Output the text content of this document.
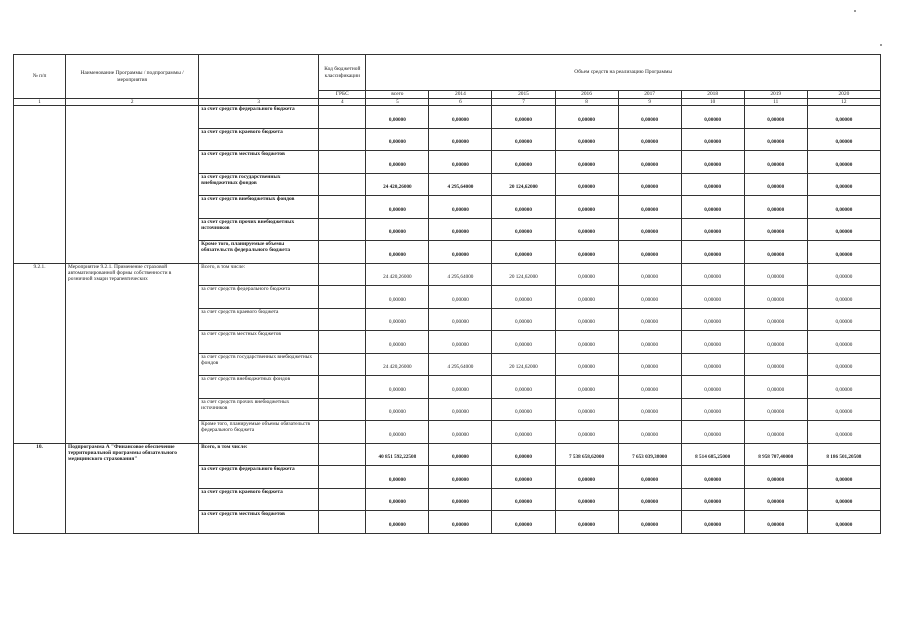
№ п/п	Наименование Программы / подпрограммы / мероприятия		Код бюджетной классификации	Объем средств на реализацию Программы							
			ГРБС	всего	2014	2015	2016	2017	2018	2019	2020
1	2	3	4	5	6	7	8	9	10	11	12
		за счет средств федерального бюджета		0,00000	0,00000	0,00000	0,00000	0,00000	0,00000	0,00000	0,00000
		за счет средств краевого бюджета		0,00000	0,00000	0,00000	0,00000	0,00000	0,00000	0,00000	0,00000
		за счет средств местных бюджетов		0,00000	0,00000	0,00000	0,00000	0,00000	0,00000	0,00000	0,00000
		за счет средств государственных внебюджетных фондов		24 420,26000	4 295,64000	20 124,62000	0,00000	0,00000	0,00000	0,00000	0,00000
		за счет средств внебюджетных фондов		0,00000	0,00000	0,00000	0,00000	0,00000	0,00000	0,00000	0,00000
		за счет средств прочих внебюджетных источников		0,00000	0,00000	0,00000	0,00000	0,00000	0,00000	0,00000	0,00000
		Кроме того, планируемые объемы обязательств федерального бюджета		0,00000	0,00000	0,00000	0,00000	0,00000	0,00000	0,00000	0,00000
9.2.1.	Мероприятие 9.2.1. Применение страховой автоматизированной формы собственности в розничной хмари терапевтических	Всего, в том числе:		24 420,26000	4 295,64000	20 124,62000	0,00000	0,00000	0,00000	0,00000	0,00000
		за счет средств федерального бюджета		0,00000	0,00000	0,00000	0,00000	0,00000	0,00000	0,00000	0,00000
		за счет средств краевого бюджета		0,00000	0,00000	0,00000	0,00000	0,00000	0,00000	0,00000	0,00000
		за счет средств местных бюджетов		0,00000	0,00000	0,00000	0,00000	0,00000	0,00000	0,00000	0,00000
		за счет средств государственных внебюджетных фондов		24 420,26000	4 295,64000	20 124,62000	0,00000	0,00000	0,00000	0,00000	0,00000
		за счет средств внебюджетных фондов		0,00000	0,00000	0,00000	0,00000	0,00000	0,00000	0,00000	0,00000
		за счет средств прочих внебюджетных источников		0,00000	0,00000	0,00000	0,00000	0,00000	0,00000	0,00000	0,00000
		Кроме того, планируемые объемы обязательств федерального бюджета		0,00000	0,00000	0,00000	0,00000	0,00000	0,00000	0,00000	0,00000
10.	Подпрограмма А "Финансовое обеспечение территориальной программы обязательного медицинского страхования"	Всего, в том числе:		40 851 592,22508	0,00000	0,00000	7 538 658,62000	7 653 039,38000	8 514 685,25000	8 958 707,40000	8 186 501,20508
		за счет средств федерального бюджета		0,00000	0,00000	0,00000	0,00000	0,00000	0,00000	0,00000	0,00000
		за счет средств краевого бюджета		0,00000	0,00000	0,00000	0,00000	0,00000	0,00000	0,00000	0,00000
		за счет средств местных бюджетов		0,00000	0,00000	0,00000	0,00000	0,00000	0,00000	0,00000	0,00000
